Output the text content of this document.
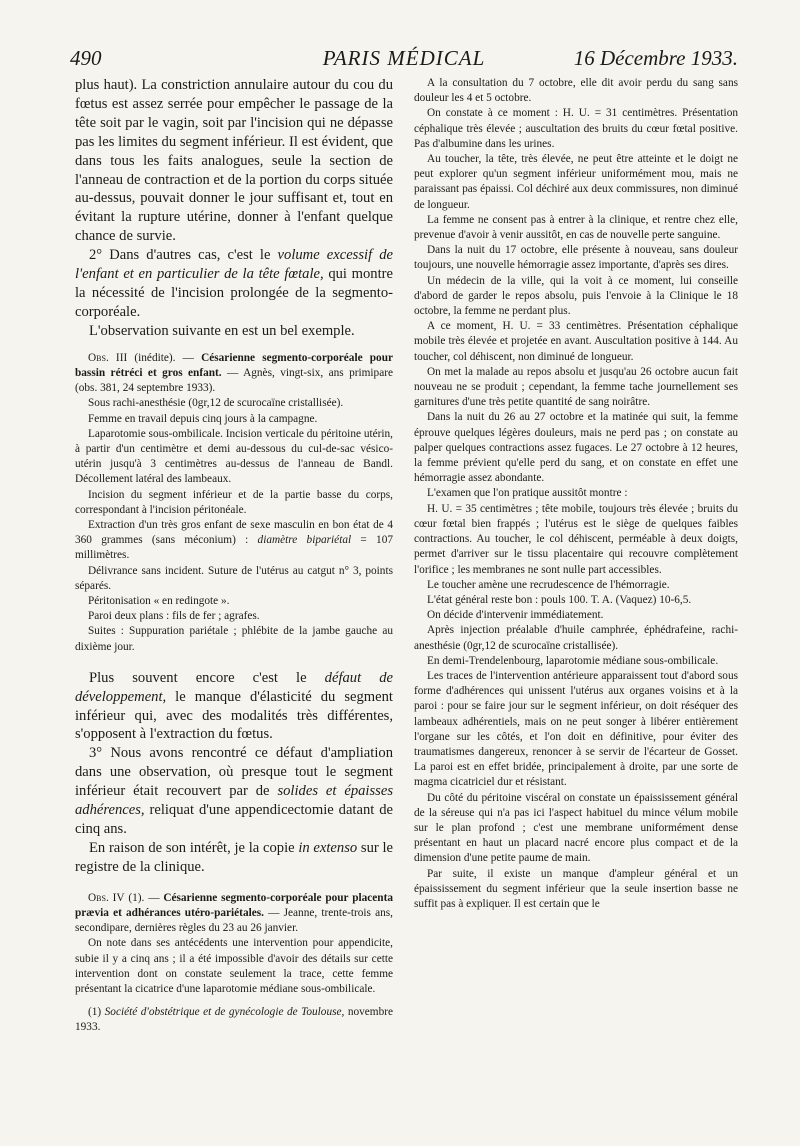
490	PARIS MÉDICAL	16 Décembre 1933.

plus haut). La constriction annulaire autour du cou du fœtus est assez serrée pour empêcher le passage de la tête soit par le vagin, soit par l'incision qui ne dépasse pas les limites du segment inférieur. Il est évident, que dans tous les faits analogues, seule la section de l'anneau de contraction et de la portion du corps située au-dessus, pouvait donner le jour suffisant et, tout en évitant la rupture utérine, donner à l'enfant quelque chance de survie.

2° Dans d'autres cas, c'est le volume excessif de l'enfant et en particulier de la tête fœtale, qui montre la nécessité de l'incision prolongée de la segmento-corporéale.

L'observation suivante en est un bel exemple.

Obs. III (inédite). — Césarienne segmento-corporéale pour bassin rétréci et gros enfant. — Agnès, vingt-six, ans primipare (obs. 381, 24 septembre 1933).

Sous rachi-anesthésie (0gr,12 de scurocaïne cristallisée).

Femme en travail depuis cinq jours à la campagne.

Laparotomie sous-ombilicale. Incision verticale du péritoine utérin, à partir d'un centimètre et demi au-dessous du cul-de-sac vésico-utérin jusqu'à 3 centimètres au-dessus de l'anneau de Bandl. Décollement latéral des lambeaux.

Incision du segment inférieur et de la partie basse du corps, correspondant à l'incision péritonéale.

Extraction d'un très gros enfant de sexe masculin en bon état de 4 360 grammes (sans méconium) : diamètre bipariétal = 107 millimètres.

Délivrance sans incident. Suture de l'utérus au catgut n° 3, points séparés.

Péritonisation « en redingote ».

Paroi deux plans : fils de fer ; agrafes.

Suites : Suppuration pariétale ; phlébite de la jambe gauche au dixième jour.

Plus souvent encore c'est le défaut de développement, le manque d'élasticité du segment inférieur qui, avec des modalités très différentes, s'opposent à l'extraction du fœtus.

3° Nous avons rencontré ce défaut d'ampliation dans une observation, où presque tout le segment inférieur était recouvert par de solides et épaisses adhérences, reliquat d'une appendicectomie datant de cinq ans.

En raison de son intérêt, je la copie in extenso sur le registre de la clinique.

Obs. IV (1). — Césarienne segmento-corporéale pour placenta prævia et adhérances utéro-pariétales. — Jeanne, trente-trois ans, secondipare, dernières règles du 23 au 26 janvier.

On note dans ses antécédents une intervention pour appendicite, subie il y a cinq ans ; il a été impossible d'avoir des détails sur cette intervention dont on constate seulement la trace, cette femme présentant la cicatrice d'une laparotomie médiane sous-ombilicale.

(1) Société d'obstétrique et de gynécologie de Toulouse, novembre 1933.

A la consultation du 7 octobre, elle dit avoir perdu du sang sans douleur les 4 et 5 octobre.

On constate à ce moment : H. U. = 31 centimètres. Présentation céphalique très élevée ; auscultation des bruits du cœur fœtal positive. Pas d'albumine dans les urines.

Au toucher, la tête, très élevée, ne peut être atteinte et le doigt ne peut explorer qu'un segment inférieur uniformément mou, mais ne paraissant pas épaissi. Col déchiré aux deux commissures, non diminué de longueur.

La femme ne consent pas à entrer à la clinique, et rentre chez elle, prevenue d'avoir à venir aussitôt, en cas de nouvelle perte sanguine.

Dans la nuit du 17 octobre, elle présente à nouveau, sans douleur toujours, une nouvelle hémorragie assez importante, d'après ses dires.

Un médecin de la ville, qui la voit à ce moment, lui conseille d'abord de garder le repos absolu, puis l'envoie à la Clinique le 18 octobre, la femme ne perdant plus.

A ce moment, H. U. = 33 centimètres. Présentation céphalique mobile très élevée et projetée en avant. Auscultation positive à 144. Au toucher, col déhiscent, non diminué de longueur.

On met la malade au repos absolu et jusqu'au 26 octobre aucun fait nouveau ne se produit ; cependant, la femme tache journellement ses garnitures d'une très petite quantité de sang noirâtre.

Dans la nuit du 26 au 27 octobre et la matinée qui suit, la femme éprouve quelques légères douleurs, mais ne perd pas ; on constate au palper quelques contractions assez fugaces. Le 27 octobre à 12 heures, la femme prévient qu'elle perd du sang, et on constate en effet une hémorragie assez abondante.

L'examen que l'on pratique aussitôt montre :

H. U. = 35 centimètres ; tête mobile, toujours très élevée ; bruits du cœur fœtal bien frappés ; l'utérus est le siège de quelques faibles contractions. Au toucher, le col déhiscent, perméable à deux doigts, permet d'arriver sur le tissu placentaire qui recouvre complètement l'orifice ; les membranes ne sont nulle part accessibles.

Le toucher amène une recrudescence de l'hémorragie.

L'état général reste bon : pouls 100. T. A. (Vaquez) 10-6,5.

On décide d'intervenir immédiatement.

Après injection préalable d'huile camphrée, éphédrafeine, rachi-anesthésie (0gr,12 de scurocaïne cristallisée).

En demi-Trendelenbourg, laparotomie médiane sous-ombilicale.

Les traces de l'intervention antérieure apparaissent tout d'abord sous forme d'adhérences qui unissent l'utérus aux organes voisins et à la paroi : pour se faire jour sur le segment inférieur, on doit réséquer des lambeaux adhérentiels, mais on ne peut songer à libérer entièrement l'organe sur les côtés, et l'on doit en définitive, pour éviter des traumatismes dangereux, renoncer à se servir de l'écarteur de Gosset. La paroi est en effet bridée, principalement à droite, par une sorte de magma cicatriciel dur et résistant.

Du côté du péritoine viscéral on constate un épaississement général de la séreuse qui n'a pas ici l'aspect habituel du mince vélum mobile sur le plan profond ; c'est une membrane uniformément dense présentant en haut un placard nacré encore plus compact et de la dimension d'une petite paume de main.

Par suite, il existe un manque d'ampleur général et un épaississement du segment inférieur que la seule insertion basse ne suffit pas à expliquer. Il est certain que le
